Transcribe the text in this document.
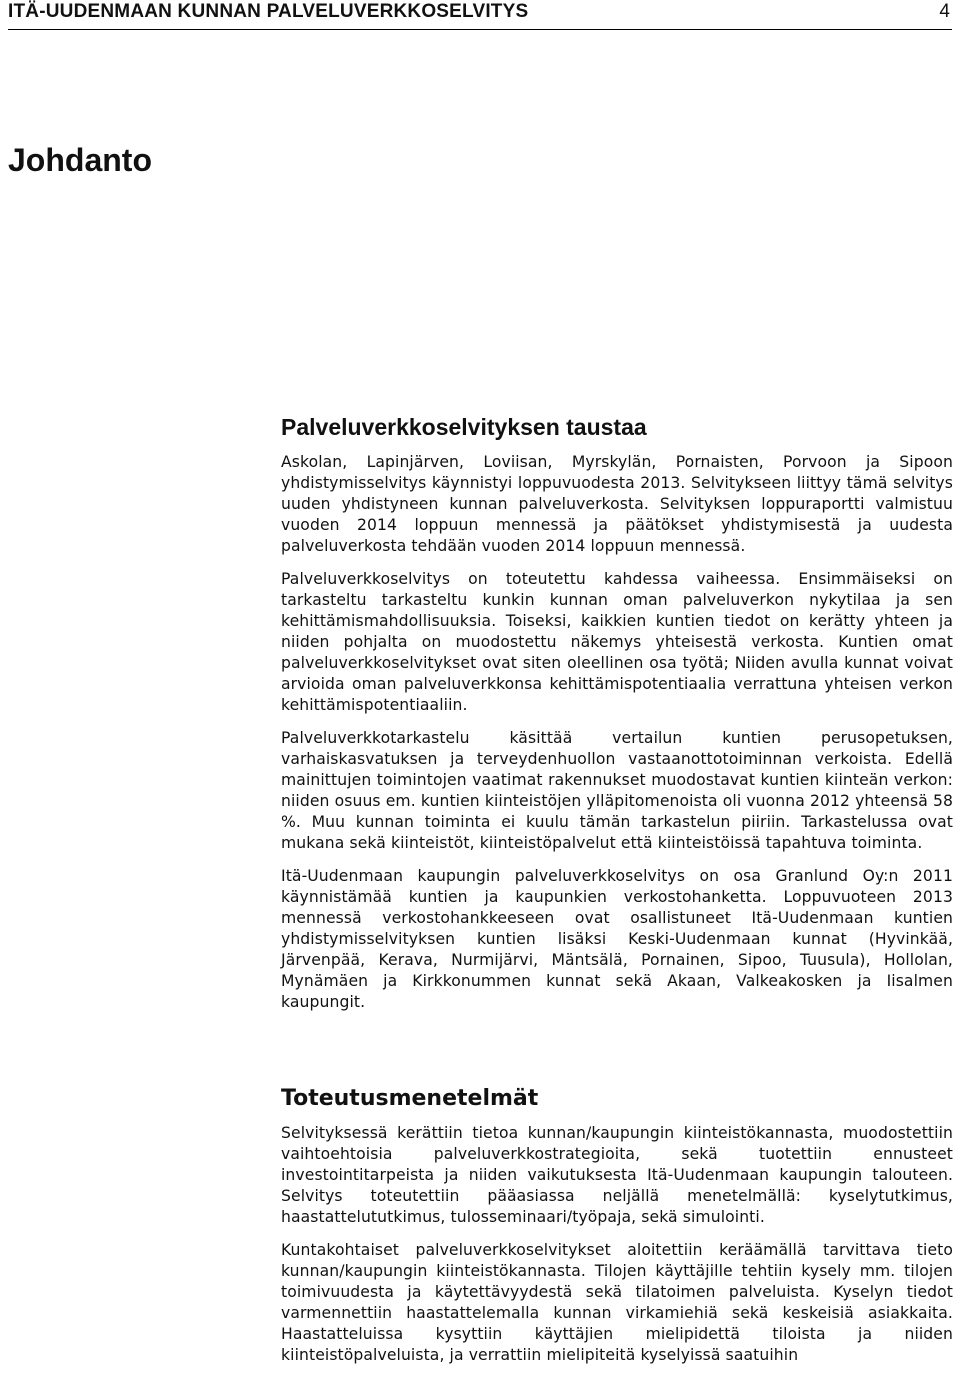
ITÄ-UUDENMAAN KUNNAN PALVELUVERKKOSELVITYS	4
Johdanto
Palveluverkkoselvityksen taustaa

Askolan, Lapinjärven, Loviisan, Myrskylän, Pornaisten, Porvoon ja Sipoon yhdistymisselvitys käynnistyi loppuvuodesta 2013. Selvitykseen liittyy tämä selvitys uuden yhdistyneen kunnan palveluverkosta. Selvityksen loppuraportti valmistuu vuoden 2014 loppuun mennessä ja päätökset yhdistymisestä ja uudesta palveluverkosta tehdään vuoden 2014 loppuun mennessä.

Palveluverkkoselvitys on toteutettu kahdessa vaiheessa. Ensimmäiseksi on tarkasteltu tarkasteltu kunkin kunnan oman palveluverkon nykytilaa ja sen kehittämismahdollisuuksia. Toiseksi, kaikkien kuntien tiedot on kerätty yhteen ja niiden pohjalta on muodostettu näkemys yhteisestä verkosta. Kuntien omat palveluverkkoselvitykset ovat siten oleellinen osa työtä; Niiden avulla kunnat voivat arvioida oman palveluverkkonsa kehittämispotentiaalia verrattuna yhteisen verkon kehittämispotentiaaliin.

Palveluverkkotarkastelu käsittää vertailun kuntien perusopetuksen, varhaiskasvatuksen ja terveydenhuollon vastaanottotoiminnan verkoista. Edellä mainittujen toimintojen vaatimat rakennukset muodostavat kuntien kiinteän verkon: niiden osuus em. kuntien kiinteistöjen ylläpitomenoista oli vuonna 2012 yhteensä 58 %. Muu kunnan toiminta ei kuulu tämän tarkastelun piiriin. Tarkastelussa ovat mukana sekä kiinteistöt, kiinteistöpalvelut että kiinteistöissä tapahtuva toiminta.

Itä-Uudenmaan kaupungin palveluverkkoselvitys on osa Granlund Oy:n 2011 käynnistämää kuntien ja kaupunkien verkostohanketta. Loppuvuoteen 2013 mennessä verkostohankkeeseen ovat osallistuneet Itä-Uudenmaan kuntien yhdistymisselvityksen kuntien lisäksi Keski-Uudenmaan kunnat (Hyvinkää, Järvenpää, Kerava, Nurmijärvi, Mäntsälä, Pornainen, Sipoo, Tuusula), Hollolan, Mynämäen ja Kirkkonummen kunnat sekä Akaan, Valkeakosken ja Iisalmen kaupungit.

Toteutusmenetelmät

Selvityksessä kerättiin tietoa kunnan/kaupungin kiinteistökannasta, muodostettiin vaihtoehtoisia palveluverkkostrategioita, sekä tuotettiin ennusteet investointitarpeista ja niiden vaikutuksesta Itä-Uudenmaan kaupungin talouteen. Selvitys toteutettiin pääasiassa neljällä menetelmällä: kyselytutkimus, haastattelututkimus, tulosseminaari/työpaja, sekä simulointi.

Kuntakohtaiset palveluverkkoselvitykset aloitettiin keräämällä tarvittava tieto kunnan/kaupungin kiinteistökannasta. Tilojen käyttäjille tehtiin kysely mm. tilojen toimivuudesta ja käytettävyydestä sekä tilatoimen palveluista. Kyselyn tiedot varmennettiin haastattelemalla kunnan virkamiehiä sekä keskeisiä asiakkaita. Haastatteluissa kysyttiin käyttäjien mielipidettä tiloista ja niiden kiinteistöpalveluista, ja verrattiin mielipiteitä kyselyissä saatuihin
